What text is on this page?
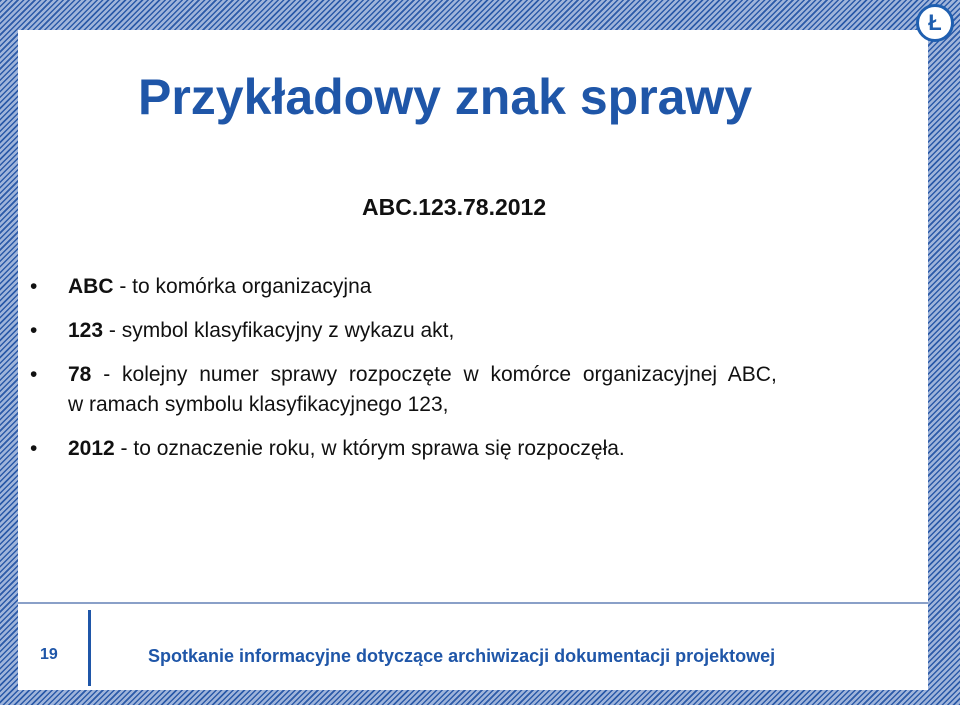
Ł
Przykładowy znak sprawy
ABC.123.78.2012
• ABC - to komórka organizacyjna
• 123 - symbol klasyfikacyjny z wykazu akt,
• 78 - kolejny numer sprawy rozpoczęte w komórce organizacyjnej ABC,
w ramach symbolu klasyfikacyjnego 123,
• 2012 - to oznaczenie roku, w którym sprawa się rozpoczęła.
19	Spotkanie informacyjne dotyczące archiwizacji dokumentacji projektowej
